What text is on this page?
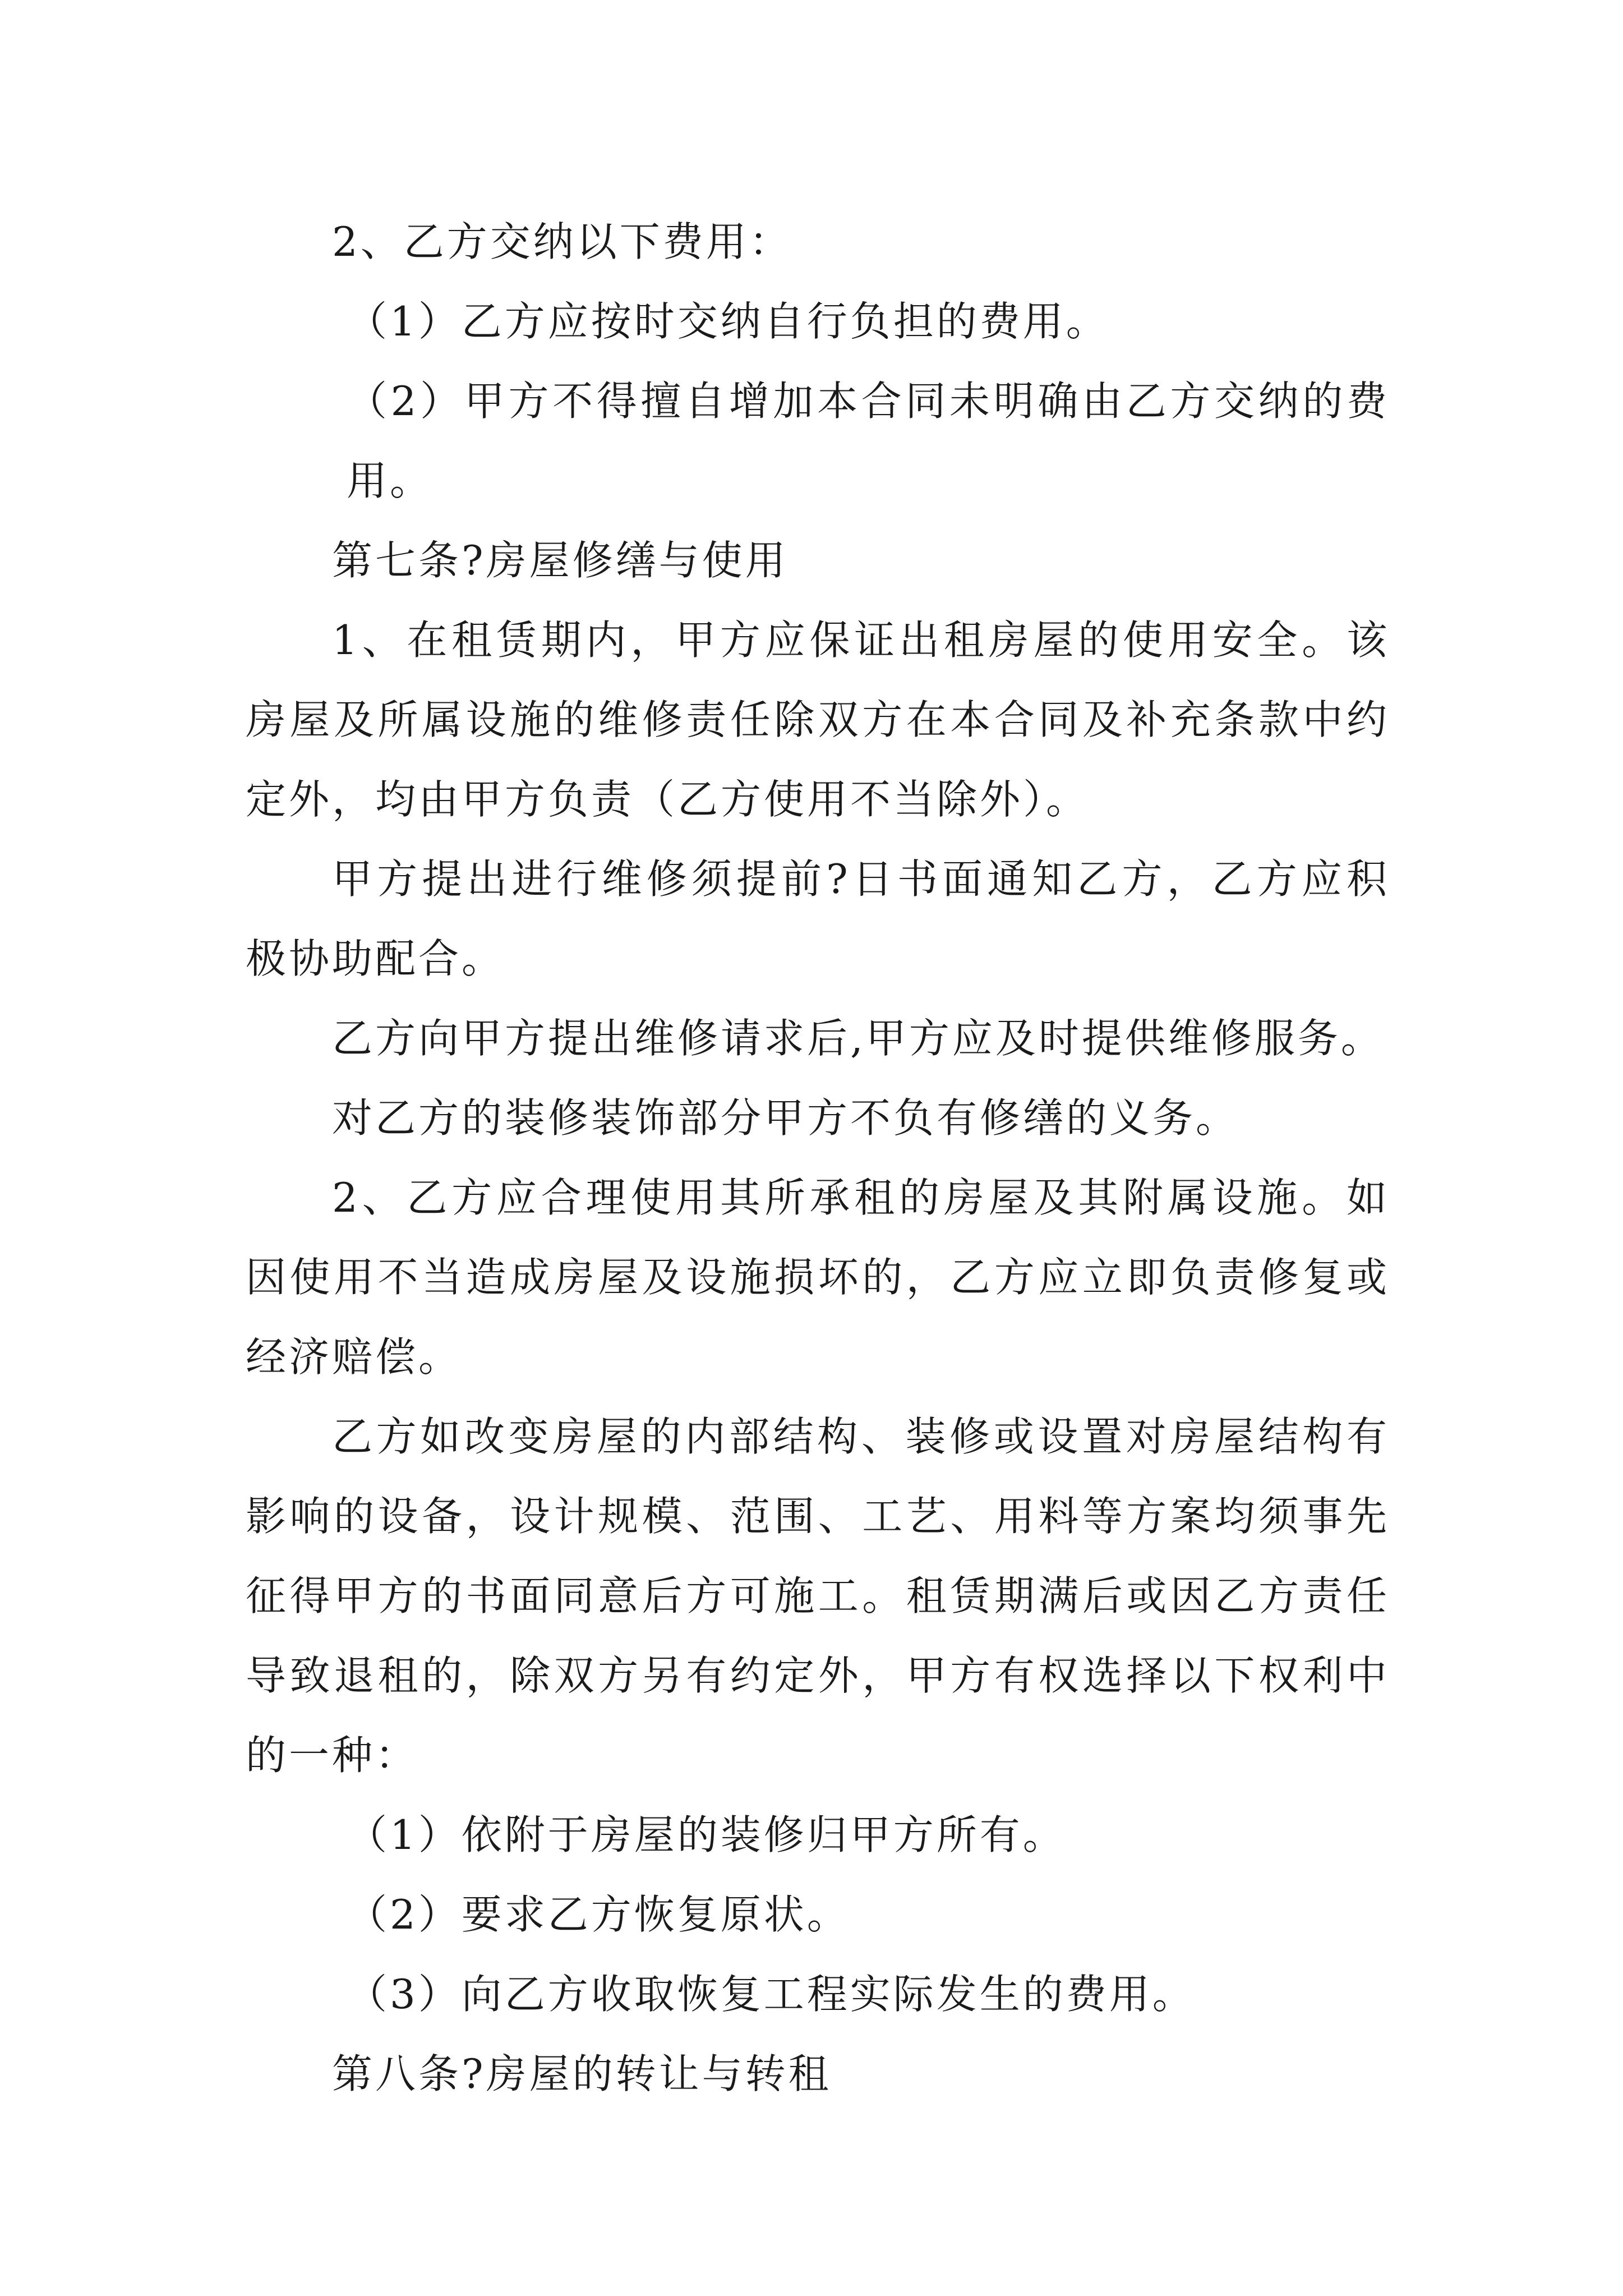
2、乙方交纳以下费用：

（1）乙方应按时交纳自行负担的费用。

（2）甲方不得擅自增加本合同未明确由乙方交纳的费用。

第七条?房屋修缮与使用

1、在租赁期内，甲方应保证出租房屋的使用安全。该房屋及所属设施的维修责任除双方在本合同及补充条款中约定外，均由甲方负责（乙方使用不当除外）。

甲方提出进行维修须提前?日书面通知乙方，乙方应积极协助配合。

乙方向甲方提出维修请求后,甲方应及时提供维修服务。

对乙方的装修装饰部分甲方不负有修缮的义务。

2、乙方应合理使用其所承租的房屋及其附属设施。如因使用不当造成房屋及设施损坏的，乙方应立即负责修复或经济赔偿。

乙方如改变房屋的内部结构、装修或设置对房屋结构有影响的设备，设计规模、范围、工艺、用料等方案均须事先征得甲方的书面同意后方可施工。租赁期满后或因乙方责任导致退租的，除双方另有约定外，甲方有权选择以下权利中的一种：

（1）依附于房屋的装修归甲方所有。

（2）要求乙方恢复原状。

（3）向乙方收取恢复工程实际发生的费用。

第八条?房屋的转让与转租
